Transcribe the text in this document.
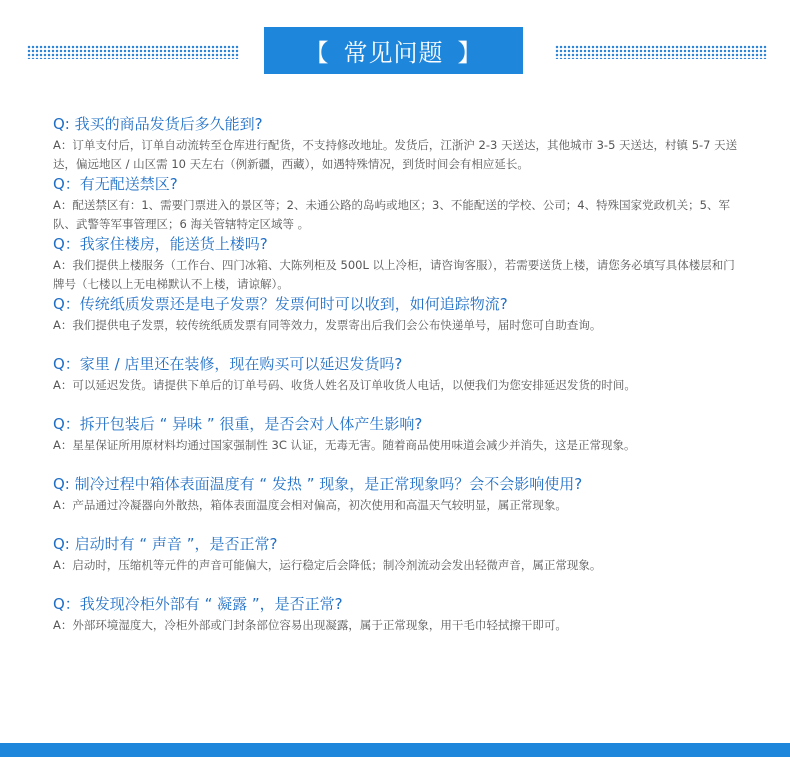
【 常见问题 】
Q: 我买的商品发货后多久能到?
A：订单支付后，订单自动流转至仓库进行配货，不支持修改地址。发货后，江浙沪 2-3 天送达，其他城市 3-5 天送达，村镇 5-7 天送达，偏远地区 / 山区需 10 天左右（例新疆，西藏），如遇特殊情况，到货时间会有相应延长。
Q：有无配送禁区?
A：配送禁区有：1、需要门票进入的景区等；2、未通公路的岛屿或地区；3、不能配送的学校、公司；4、特殊国家党政机关；5、军队、武警等军事管理区；6 海关管辖特定区域等 。
Q：我家住楼房，能送货上楼吗?
A：我们提供上楼服务（工作台、四门冰箱、大陈列柜及 500L 以上冷柜，请咨询客服），若需要送货上楼，请您务必填写具体楼层和门牌号（七楼以上无电梯默认不上楼，请谅解）。
Q：传统纸质发票还是电子发票？发票何时可以收到，如何追踪物流?
A：我们提供电子发票，较传统纸质发票有同等效力，发票寄出后我们会公布快递单号，届时您可自助查询。
Q：家里 / 店里还在装修，现在购买可以延迟发货吗?
A：可以延迟发货。请提供下单后的订单号码、收货人姓名及订单收货人电话，以便我们为您安排延迟发货的时间。
Q：拆开包装后 “ 异味 ” 很重，是否会对人体产生影响?
A：星星保证所用原材料均通过国家强制性 3C 认证，无毒无害。随着商品使用味道会减少并消失，这是正常现象。
Q: 制冷过程中箱体表面温度有 “ 发热 ” 现象，是正常现象吗？会不会影响使用?
A：产品通过冷凝器向外散热，箱体表面温度会相对偏高，初次使用和高温天气较明显，属正常现象。
Q: 启动时有 “ 声音 ”，是否正常?
A：启动时，压缩机等元件的声音可能偏大，运行稳定后会降低；制冷剂流动会发出轻微声音，属正常现象。
Q：我发现冷柜外部有 “ 凝露 ”，是否正常?
A：外部环境湿度大，冷柜外部或门封条部位容易出现凝露，属于正常现象，用干毛巾轻拭擦干即可。
